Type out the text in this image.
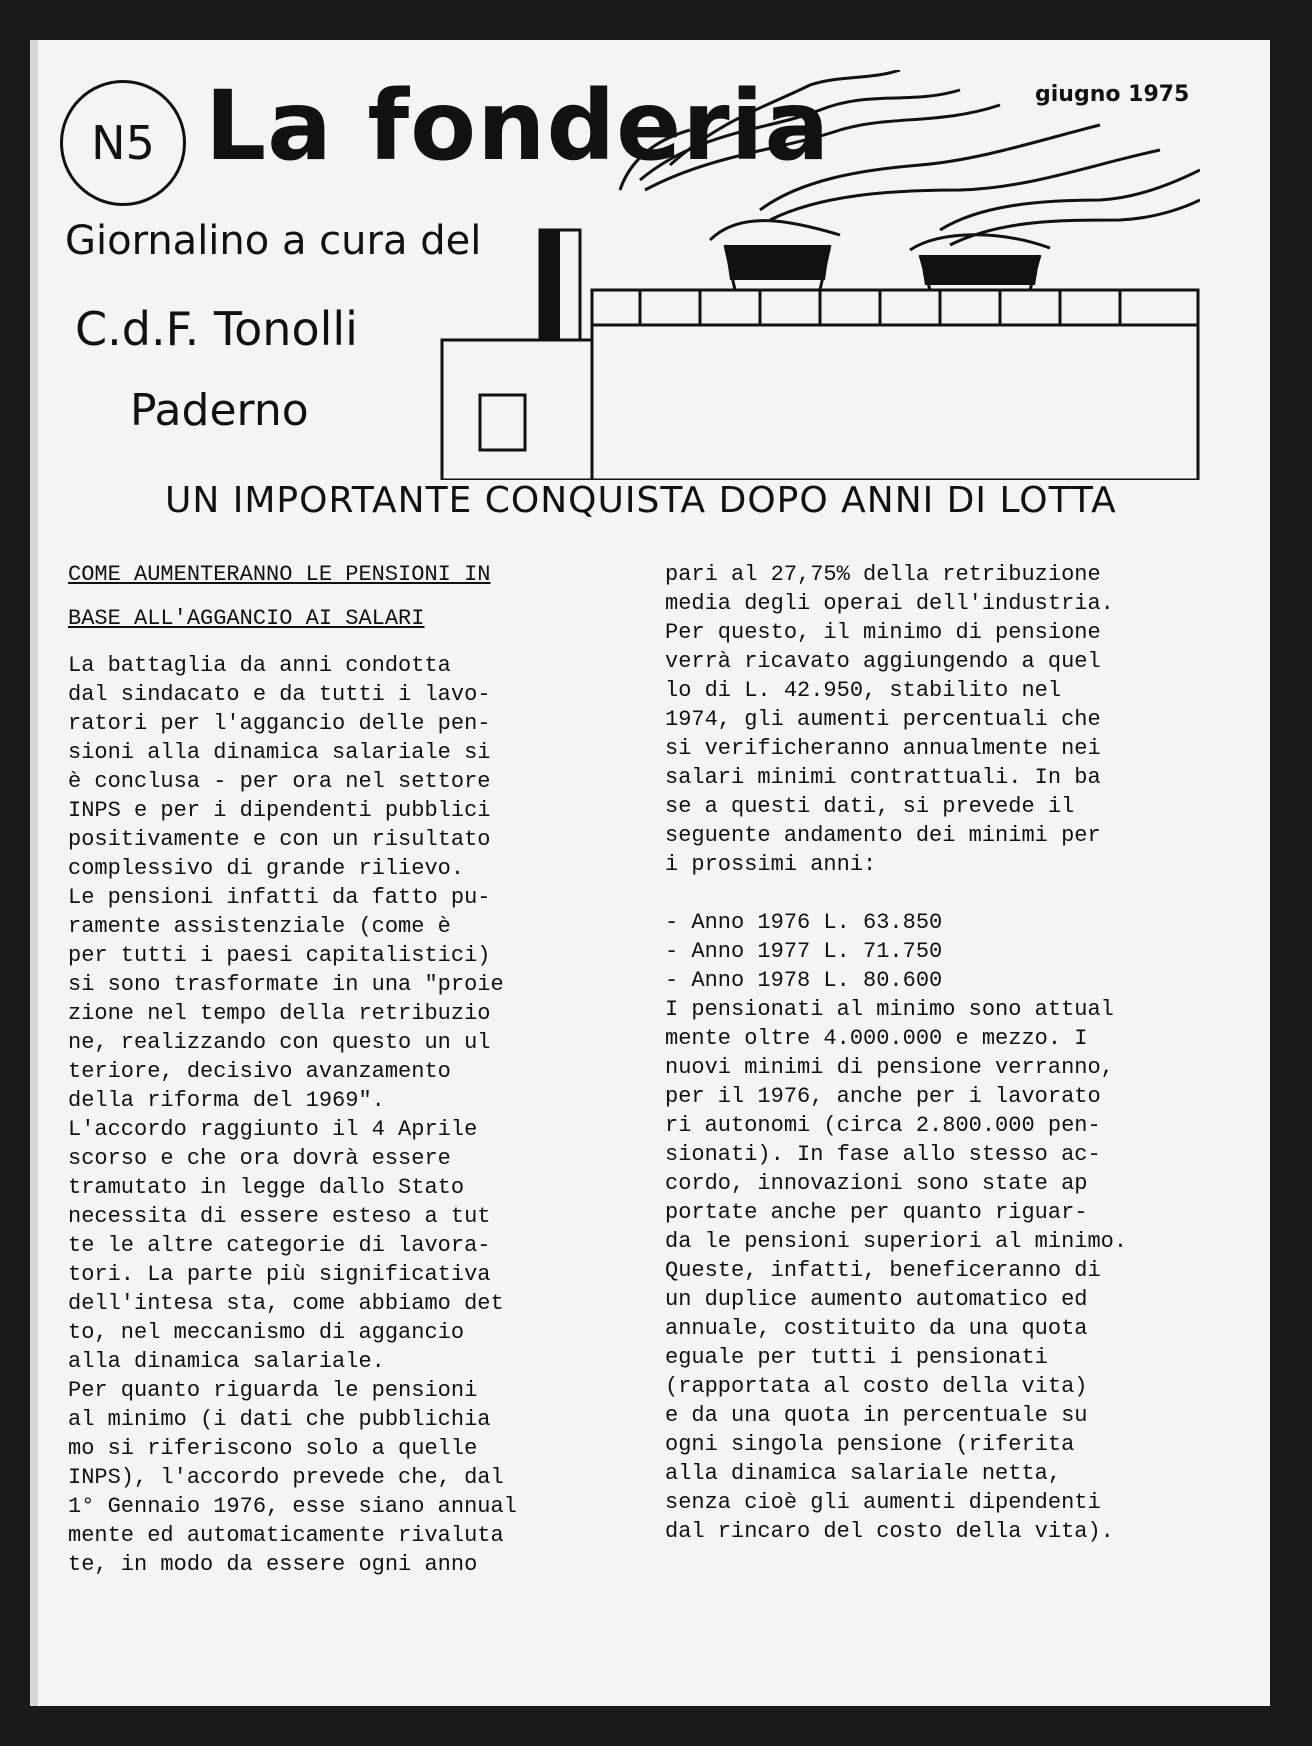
N5 La fonderia	giugno 1975
Giornalino a cura del
C.d.F. Tonolli
Paderno
UN IMPORTANTE CONQUISTA DOPO ANNI DI LOTTA

COME AUMENTERANNO LE PENSIONI IN

BASE ALL'AGGANCIO AI SALARI

La battaglia da anni condotta

dal sindacato e da tutti i lavo-

ratori per l'aggancio delle pen-

sioni alla dinamica salariale si

è conclusa - per ora nel settore

INPS e per i dipendenti pubblici

positivamente e con un risultato

complessivo di grande rilievo.

Le pensioni infatti da fatto pu-

ramente assistenziale (come è

per tutti i paesi capitalistici)

si sono trasformate in una "proie

zione nel tempo della retribuzio

ne, realizzando con questo un ul

teriore, decisivo avanzamento

della riforma del 1969".

L'accordo raggiunto il 4 Aprile

scorso e che ora dovrà essere

tramutato in legge dallo Stato

necessita di essere esteso a tut

te le altre categorie di lavora-

tori. La parte più significativa

dell'intesa sta, come abbiamo det

to, nel meccanismo di aggancio

alla dinamica salariale.

Per quanto riguarda le pensioni

al minimo (i dati che pubblichia

mo si riferiscono solo a quelle

INPS), l'accordo prevede che, dal

1° Gennaio 1976, esse siano annual

mente ed automaticamente rivaluta

te, in modo da essere ogni anno

pari al 27,75% della retribuzione

media degli operai dell'industria.

Per questo, il minimo di pensione

verrà ricavato aggiungendo a quel

lo di L. 42.950, stabilito nel

1974, gli aumenti percentuali che

si verificheranno annualmente nei

salari minimi contrattuali. In ba

se a questi dati, si prevede il

seguente andamento dei minimi per

i prossimi anni:

- Anno 1976 L. 63.850

- Anno 1977 L. 71.750

- Anno 1978 L. 80.600

I pensionati al minimo sono attual

mente oltre 4.000.000 e mezzo. I

nuovi minimi di pensione verranno,

per il 1976, anche per i lavorato

ri autonomi (circa 2.800.000 pen-

sionati). In fase allo stesso ac-

cordo, innovazioni sono state ap

portate anche per quanto riguar-

da le pensioni superiori al minimo.

Queste, infatti, beneficeranno di

un duplice aumento automatico ed

annuale, costituito da una quota

eguale per tutti i pensionati

(rapportata al costo della vita)

e da una quota in percentuale su

ogni singola pensione (riferita

alla dinamica salariale netta,

senza cioè gli aumenti dipendenti

dal rincaro del costo della vita).
